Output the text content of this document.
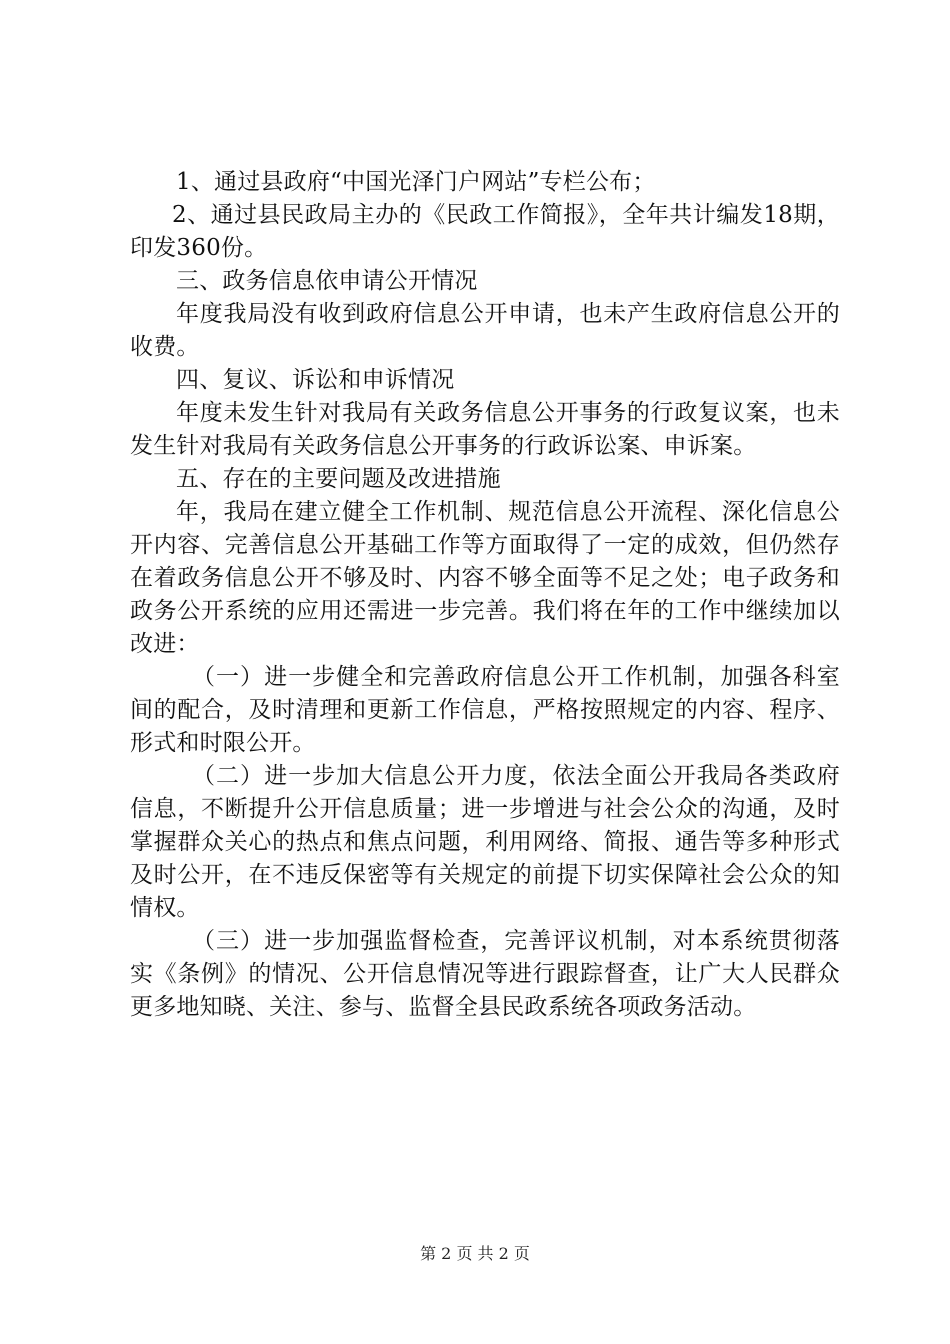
1、通过县政府“中国光泽门户网站”专栏公布；

2、通过县民政局主办的《民政工作简报》，全年共计编发18期，印发360份。

三、政务信息依申请公开情况

年度我局没有收到政府信息公开申请，也未产生政府信息公开的收费。

四、复议、诉讼和申诉情况

年度未发生针对我局有关政务信息公开事务的行政复议案，也未发生针对我局有关政务信息公开事务的行政诉讼案、申诉案。

五、存在的主要问题及改进措施

年，我局在建立健全工作机制、规范信息公开流程、深化信息公开内容、完善信息公开基础工作等方面取得了一定的成效，但仍然存在着政务信息公开不够及时、内容不够全面等不足之处；电子政务和政务公开系统的应用还需进一步完善。我们将在年的工作中继续加以改进：

（一）进一步健全和完善政府信息公开工作机制，加强各科室间的配合，及时清理和更新工作信息，严格按照规定的内容、程序、形式和时限公开。

（二）进一步加大信息公开力度，依法全面公开我局各类政府信息，不断提升公开信息质量；进一步增进与社会公众的沟通，及时掌握群众关心的热点和焦点问题，利用网络、简报、通告等多种形式及时公开，在不违反保密等有关规定的前提下切实保障社会公众的知情权。

（三）进一步加强监督检查，完善评议机制，对本系统贯彻落实《条例》的情况、公开信息情况等进行跟踪督查，让广大人民群众更多地知晓、关注、参与、监督全县民政系统各项政务活动。

第 2 页 共 2 页
